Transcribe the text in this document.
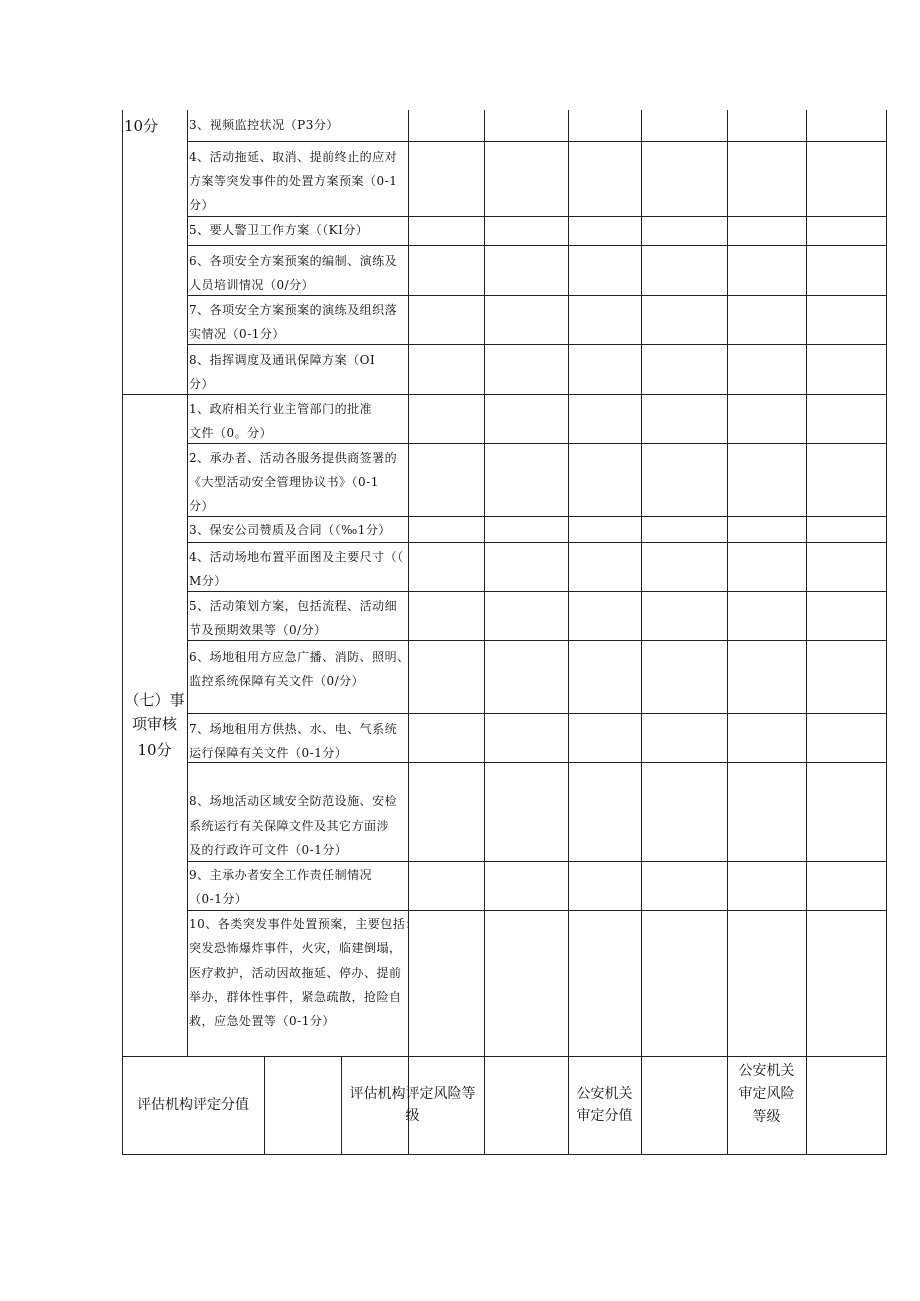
10分
（七）事
项审核
10分
3、视频监控状况（P3分）
4、活动拖延、取消、提前终止的应对
方案等突发事件的处置方案预案（0-1
分）
5、要人警卫工作方案（（KI分）
6、各项安全方案预案的编制、演练及
人员培训情况（0/分）
7、各项安全方案预案的演练及组织落
实情况（0-1分）
8、指挥调度及通讯保障方案（OI
分）
1、政府相关行业主管部门的批准
文件（0。分）
2、承办者、活动各服务提供商签署的
《大型活动安全管理协议书》（0-1
分）
3、保安公司赞质及合同（（‰1分）
4、活动场地布置平面图及主要尺寸（（
M分）
5、活动策划方案，包括流程、活动细
节及预期效果等（0/分）
6、场地租用方应急广播、消防、照明、
监控系统保障有关文件（0/分）
7、场地租用方供热、水、电、气系统
运行保障有关文件（0-1分）
8、场地活动区域安全防范设施、安检
系统运行有关保障文件及其它方面涉
及的行政许可文件（0-1分）
9、主承办者安全工作责任制情况
（0-1分）
10、各类突发事件处置预案，主要包括：
突发恐怖爆炸事件，火灾，临建倒塌，
医疗救护，活动因故拖延、停办、提前
举办，群体性事件，紧急疏散，抢险自
救，应急处置等（0-1分）
评估机构评定分值
评估机构评定风险等
级
公安机关
审定分值
公安机关
审定风险
等级
